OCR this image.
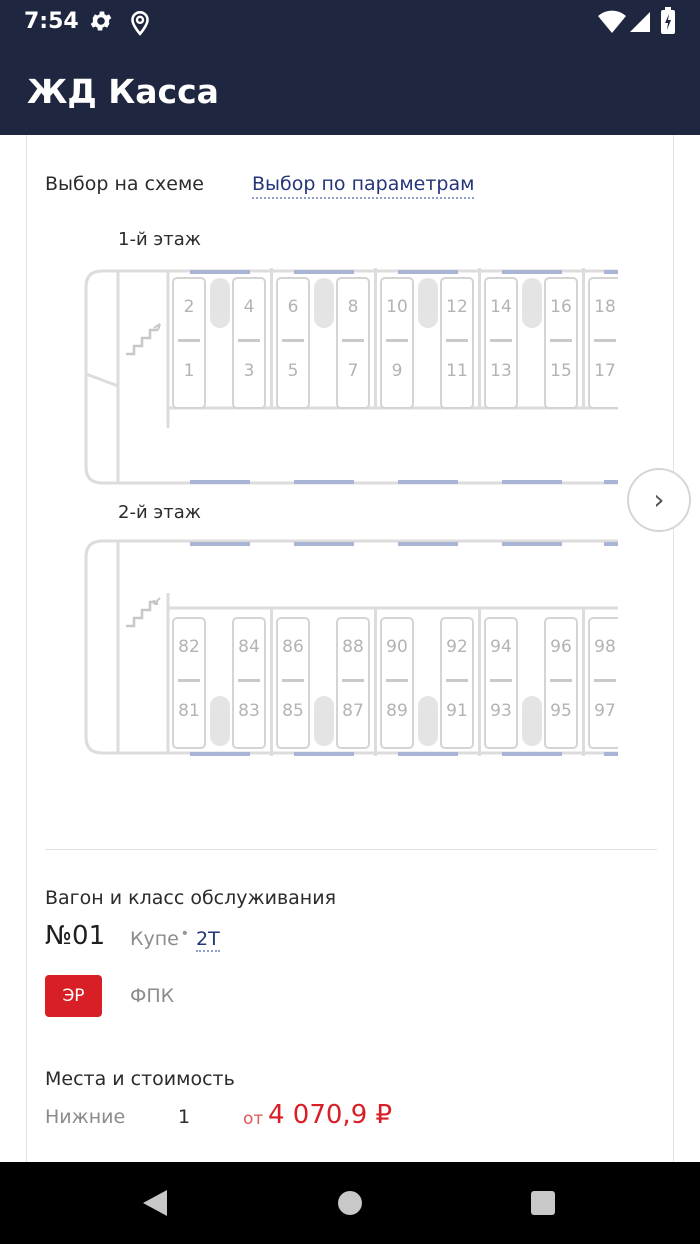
7:54
ЖД Касса
Выбор на схеме	Выбор по параметрам
1-й этаж
2
1
4
3
6
5
8
7
10
9
12
11
14
13
16
15
18
17
›
2-й этаж
82
81
84
83
86
85
88
87
90
89
92
91
94
93
96
95
98
97
Вагон и класс обслуживания
№01 Купе • 2Т
ЭР	ФПК
Места и стоимость
Нижние	1	от 4 070,9 ₽
